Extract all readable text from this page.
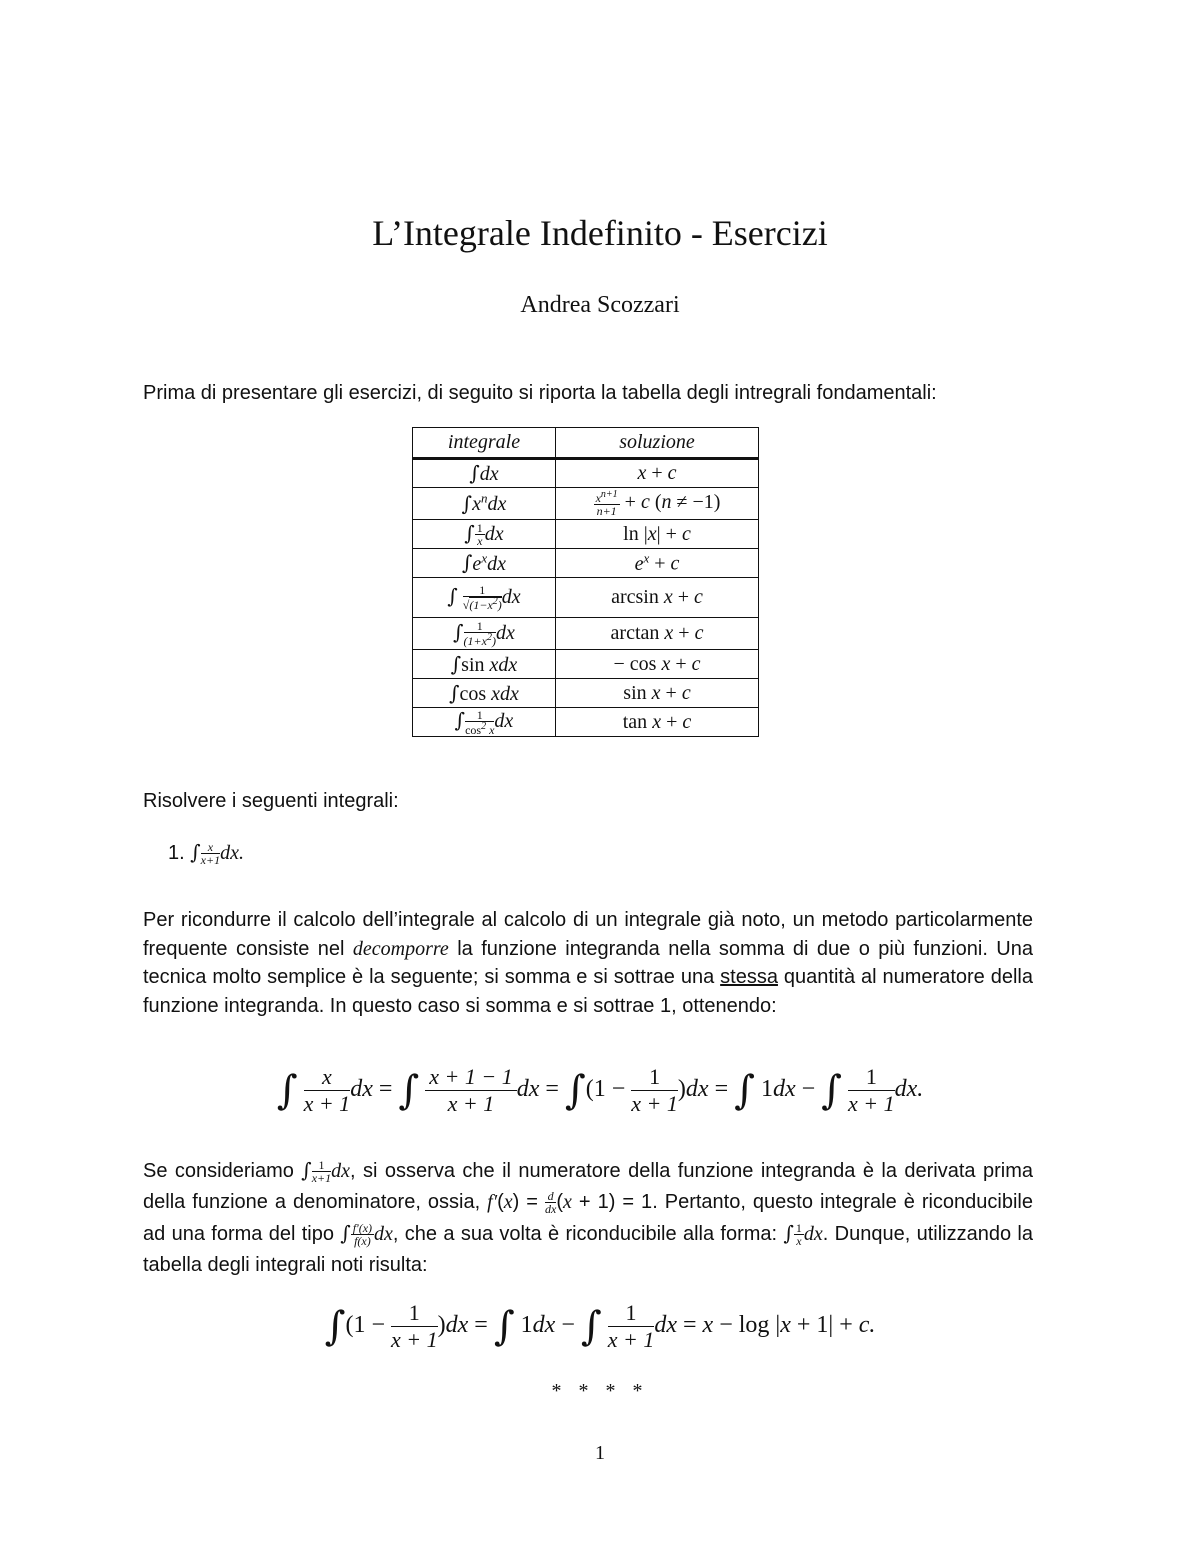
L’Integrale Indefinito - Esercizi
Andrea Scozzari
Prima di presentare gli esercizi, di seguito si riporta la tabella degli intregrali fondamentali:
integrale	soluzione
∫dx	x + c
$\int x^ndx$	$\frac{x^{n+1}}{n+1} + c$ (n ≠ −1)
∫ $\frac{1}{x}$ dx	ln |x| + c
$\int e^xdx$	$e^x + c$
∫ $\frac{1}{√(1-x^2)}$ dx	arcsin x + c
∫ $\frac{1}{(1+x^2)}$ dx	arctan x + c
∫sin xdx	− cos x + c
∫cos xdx	sin x + c
∫ $\frac{1}{\cos^2 x}$ dx	tan x + c
Risolvere i seguenti integrali:
1. ∫ $\frac{x}{x+1}$ dx.
Per ricondurre il calcolo dell’integrale al calcolo di un integrale già noto, un metodo particolarmente frequente consiste nel decomporre la funzione integranda nella somma di due o più funzioni. Una tecnica molto semplice è la seguente; si somma e si sottrae una stessa quantità al numeratore della funzione integranda. In questo caso si somma e si sottrae 1, ottenendo:
∫ $\frac{x}{x + 1}$ dx = ∫ $\frac{x + 1 - 1}{x + 1}$ dx = $\int(1 - \frac{1}{x + 1} )dx$ = ∫ 1dx − ∫ $\frac{1}{x + 1}$ dx.
Se consideriamo ∫ $\frac{1}{x+1}$ dx, si osserva che il numeratore della funzione integranda è la derivata prima della funzione a denominatore, ossia, $f'(x) = \frac{d}{dx} (x + 1) = 1$. Pertanto, questo integrale è riconducibile ad una forma del tipo ∫ $\frac{f'(x)}{f(x)}$ dx, che a sua volta è riconducibile alla forma: ∫ $\frac{1}{x}$ dx. Dunque, utilizzando la tabella degli integrali noti risulta:
$\int(1 - \frac{1}{x + 1} )dx$ = ∫ 1dx − ∫ $\frac{1}{x + 1}$ dx = x − log |x + 1| + c.
* * * *
1
